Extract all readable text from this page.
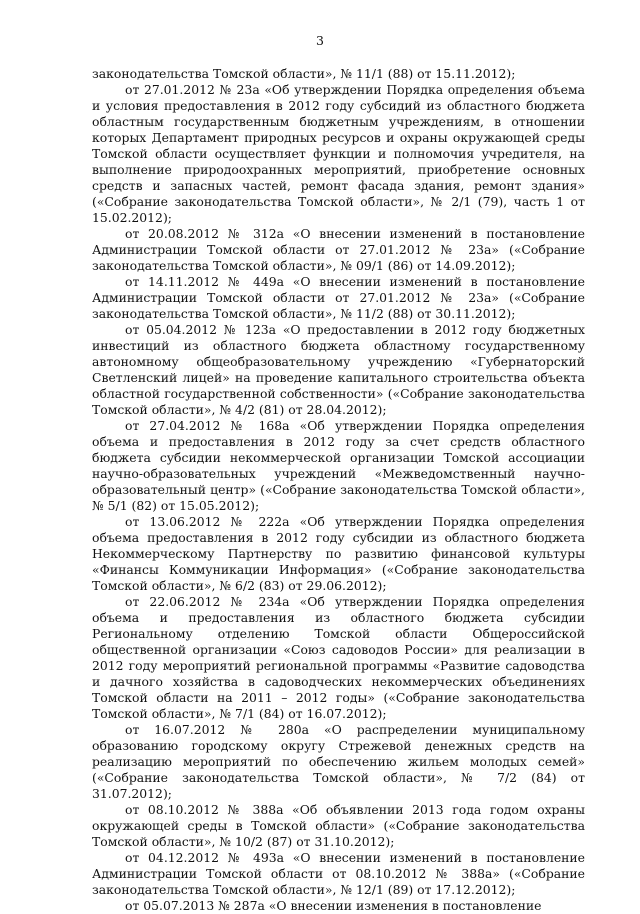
3

законодательства Томской области», № 11/1 (88) от 15.11.2012);

от 27.01.2012 № 23а «Об утверждении Порядка определения объема и условия предоставления в 2012 году субсидий из областного бюджета областным государственным бюджетным учреждениям, в отношении которых Департамент природных ресурсов и охраны окружающей среды Томской области осуществляет функции и полномочия учредителя, на выполнение природоохранных мероприятий, приобретение основных средств и запасных частей, ремонт фасада здания, ремонт здания» («Собрание законодательства Томской области», № 2/1 (79), часть 1 от 15.02.2012);

от 20.08.2012 № 312а «О внесении изменений в постановление Администрации Томской области от 27.01.2012 № 23а» («Собрание законодательства Томской области», № 09/1 (86) от 14.09.2012);

от 14.11.2012 № 449а «О внесении изменений в постановление Администрации Томской области от 27.01.2012 № 23а» («Собрание законодательства Томской области», № 11/2 (88) от 30.11.2012);

от 05.04.2012 № 123а «О предоставлении в 2012 году бюджетных инвестиций из областного бюджета областному государственному автономному общеобразовательному учреждению «Губернаторский Светленский лицей» на проведение капитального строительства объекта областной государственной собственности» («Собрание законодательства Томской области», № 4/2 (81) от 28.04.2012);

от 27.04.2012 № 168а «Об утверждении Порядка определения объема и предоставления в 2012 году за счет средств областного бюджета субсидии некоммерческой организации Томской ассоциации научно-образовательных учреждений «Межведомственный научно-образовательный центр» («Собрание законодательства Томской области», № 5/1 (82) от 15.05.2012);

от 13.06.2012 № 222а «Об утверждении Порядка определения объема предоставления в 2012 году субсидии из областного бюджета Некоммерческому Партнерству по развитию финансовой культуры «Финансы Коммуникации Информация» («Собрание законодательства Томской области», № 6/2 (83) от 29.06.2012);

от 22.06.2012 № 234а «Об утверждении Порядка определения объема и предоставления из областного бюджета субсидии Региональному отделению Томской области Общероссийской общественной организации «Союз садоводов России» для реализации в 2012 году мероприятий региональной программы «Развитие садоводства и дачного хозяйства в садоводческих некоммерческих объединениях Томской области на 2011 – 2012 годы» («Собрание законодательства Томской области», № 7/1 (84) от 16.07.2012);

от 16.07.2012 № 280а «О распределении муниципальному образованию городскому округу Стрежевой денежных средств на реализацию мероприятий по обеспечению жильем молодых семей» («Собрание законодательства Томской области», № 7/2 (84) от 31.07.2012);

от 08.10.2012 № 388а «Об объявлении 2013 года годом охраны окружающей среды в Томской области» («Собрание законодательства Томской области», № 10/2 (87) от 31.10.2012);

от 04.12.2012 № 493а «О внесении изменений в постановление Администрации Томской области от 08.10.2012 № 388а» («Собрание законодательства Томской области», № 12/1 (89) от 17.12.2012);

от 05.07.2013 № 287а «О внесении изменения в постановление
